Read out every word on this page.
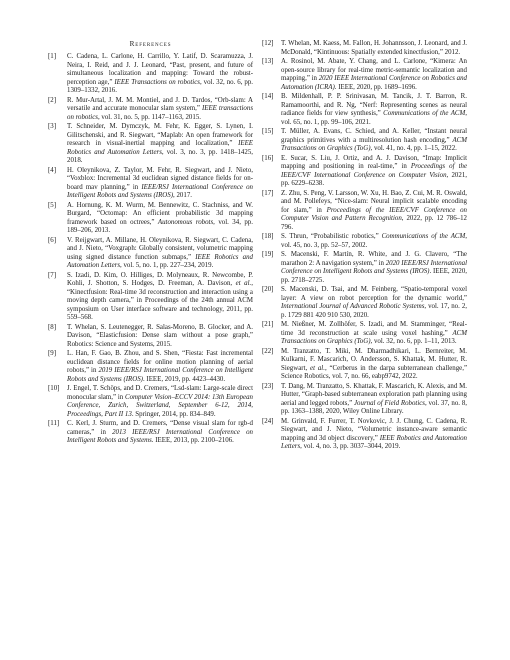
References
[1] C. Cadena, L. Carlone, H. Carrillo, Y. Latif, D. Scaramuzza, J. Neira, I. Reid, and J. J. Leonard, “Past, present, and future of simultaneous localization and mapping: Toward the robust-perception age,” IEEE Transactions on robotics, vol. 32, no. 6, pp. 1309–1332, 2016.
[2] R. Mur-Artal, J. M. M. Montiel, and J. D. Tardos, “Orb-slam: A versatile and accurate monocular slam system,” IEEE transactions on robotics, vol. 31, no. 5, pp. 1147–1163, 2015.
[3] T. Schneider, M. Dymczyk, M. Fehr, K. Egger, S. Lynen, I. Gilitschenski, and R. Siegwart, “Maplab: An open framework for research in visual-inertial mapping and localization,” IEEE Robotics and Automation Letters, vol. 3, no. 3, pp. 1418–1425, 2018.
[4] H. Oleynikova, Z. Taylor, M. Fehr, R. Siegwart, and J. Nieto, “Voxblox: Incremental 3d euclidean signed distance fields for on-board mav planning,” in IEEE/RSJ International Conference on Intelligent Robots and Systems (IROS), 2017.
[5] A. Hornung, K. M. Wurm, M. Bennewitz, C. Stachniss, and W. Burgard, “Octomap: An efficient probabilistic 3d mapping framework based on octrees,” Autonomous robots, vol. 34, pp. 189–206, 2013.
[6] V. Reijgwart, A. Millane, H. Oleynikova, R. Siegwart, C. Cadena, and J. Nieto, “Voxgraph: Globally consistent, volumetric mapping using signed distance function submaps,” IEEE Robotics and Automation Letters, vol. 5, no. 1, pp. 227–234, 2019.
[7] S. Izadi, D. Kim, O. Hilliges, D. Molyneaux, R. Newcombe, P. Kohli, J. Shotton, S. Hodges, D. Freeman, A. Davison, et al., “Kinectfusion: Real-time 3d reconstruction and interaction using a moving depth camera,” in Proceedings of the 24th annual ACM symposium on User interface software and technology, 2011, pp. 559–568.
[8] T. Whelan, S. Leutenegger, R. Salas-Moreno, B. Glocker, and A. Davison, “Elasticfusion: Dense slam without a pose graph,” Robotics: Science and Systems, 2015.
[9] L. Han, F. Gao, B. Zhou, and S. Shen, “Fiesta: Fast incremental euclidean distance fields for online motion planning of aerial robots,” in 2019 IEEE/RSJ International Conference on Intelligent Robots and Systems (IROS). IEEE, 2019, pp. 4423–4430.
[10] J. Engel, T. Schöps, and D. Cremers, “Lsd-slam: Large-scale direct monocular slam,” in Computer Vision–ECCV 2014: 13th European Conference, Zurich, Switzerland, September 6-12, 2014, Proceedings, Part II 13. Springer, 2014, pp. 834–849.
[11] C. Kerl, J. Sturm, and D. Cremers, “Dense visual slam for rgb-d cameras,” in 2013 IEEE/RSJ International Conference on Intelligent Robots and Systems. IEEE, 2013, pp. 2100–2106.
[12] T. Whelan, M. Kaess, M. Fallon, H. Johannsson, J. Leonard, and J. McDonald, “Kintinuous: Spatially extended kinectfusion,” 2012.
[13] A. Rosinol, M. Abate, Y. Chang, and L. Carlone, “Kimera: An open-source library for real-time metric-semantic localization and mapping,” in 2020 IEEE International Conference on Robotics and Automation (ICRA). IEEE, 2020, pp. 1689–1696.
[14] B. Mildenhall, P. P. Srinivasan, M. Tancik, J. T. Barron, R. Ramamoorthi, and R. Ng, “Nerf: Representing scenes as neural radiance fields for view synthesis,” Communications of the ACM, vol. 65, no. 1, pp. 99–106, 2021.
[15] T. Müller, A. Evans, C. Schied, and A. Keller, “Instant neural graphics primitives with a multiresolution hash encoding,” ACM Transactions on Graphics (ToG), vol. 41, no. 4, pp. 1–15, 2022.
[16] E. Sucar, S. Liu, J. Ortiz, and A. J. Davison, “Imap: Implicit mapping and positioning in real-time,” in Proceedings of the IEEE/CVF International Conference on Computer Vision, 2021, pp. 6229–6238.
[17] Z. Zhu, S. Peng, V. Larsson, W. Xu, H. Bao, Z. Cui, M. R. Oswald, and M. Pollefeys, “Nice-slam: Neural implicit scalable encoding for slam,” in Proceedings of the IEEE/CVF Conference on Computer Vision and Pattern Recognition, 2022, pp. 12 786–12 796.
[18] S. Thrun, “Probabilistic robotics,” Communications of the ACM, vol. 45, no. 3, pp. 52–57, 2002.
[19] S. Macenski, F. Martín, R. White, and J. G. Clavero, “The marathon 2: A navigation system,” in 2020 IEEE/RSJ International Conference on Intelligent Robots and Systems (IROS). IEEE, 2020, pp. 2718–2725.
[20] S. Macenski, D. Tsai, and M. Feinberg, “Spatio-temporal voxel layer: A view on robot perception for the dynamic world,” International Journal of Advanced Robotic Systems, vol. 17, no. 2, p. 1729 881 420 910 530, 2020.
[21] M. Nießner, M. Zollhöfer, S. Izadi, and M. Stamminger, “Real-time 3d reconstruction at scale using voxel hashing,” ACM Transactions on Graphics (ToG), vol. 32, no. 6, pp. 1–11, 2013.
[22] M. Tranzatto, T. Miki, M. Dharmadhikari, L. Bernreiter, M. Kulkarni, F. Mascarich, O. Andersson, S. Khattak, M. Hutter, R. Siegwart, et al., “Cerberus in the darpa subterranean challenge,” Science Robotics, vol. 7, no. 66, eabp9742, 2022.
[23] T. Dang, M. Tranzatto, S. Khattak, F. Mascarich, K. Alexis, and M. Hutter, “Graph-based subterranean exploration path planning using aerial and legged robots,” Journal of Field Robotics, vol. 37, no. 8, pp. 1363–1388, 2020, Wiley Online Library.
[24] M. Grinvald, F. Furrer, T. Novkovic, J. J. Chung, C. Cadena, R. Siegwart, and J. Nieto, “Volumetric instance-aware semantic mapping and 3d object discovery,” IEEE Robotics and Automation Letters, vol. 4, no. 3, pp. 3037–3044, 2019.
